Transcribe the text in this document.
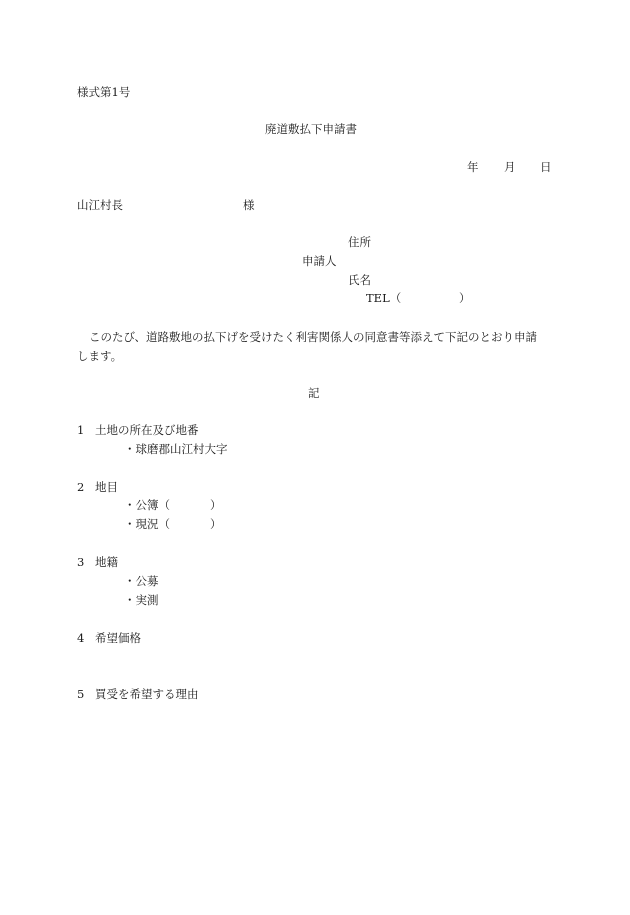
様式第1号
廃道敷払下申請書
年 月 日
山江村長	様
住所
申請人
氏名
TEL（	）
このたび、道路敷地の払下げを受けたく利害関係人の同意書等添えて下記のとおり申請
します。
記
1 土地の所在及び地番
・球磨郡山江村大字
2 地目
・公簿（	）
・現況（	）
3 地籍
・公募
・実測
4 希望価格
5 買受を希望する理由
